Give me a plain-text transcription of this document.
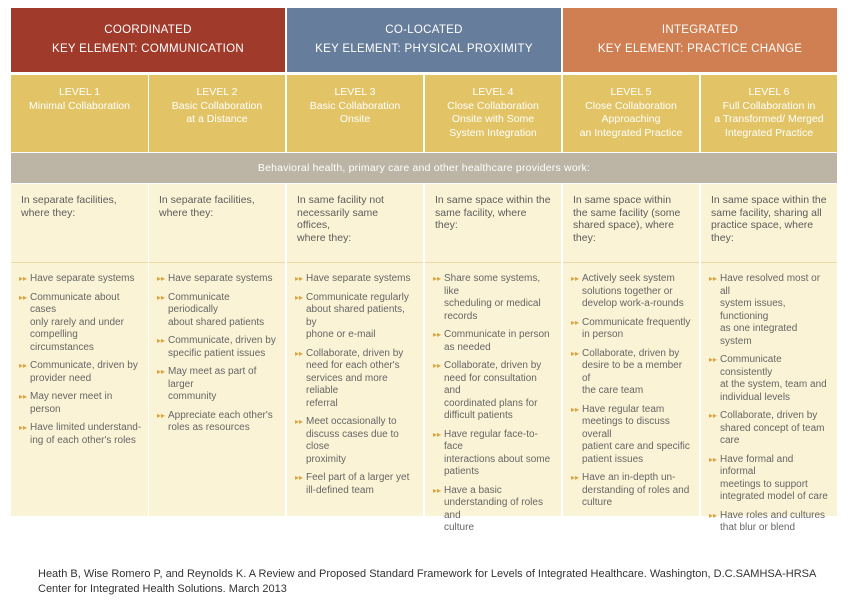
COORDINATED
KEY ELEMENT: COMMUNICATION
CO-LOCATED
KEY ELEMENT: PHYSICAL PROXIMITY
INTEGRATED
KEY ELEMENT: PRACTICE CHANGE
LEVEL 1
Minimal Collaboration
LEVEL 2
Basic Collaboration
at a Distance
LEVEL 3
Basic Collaboration
Onsite
LEVEL 4
Close Collaboration
Onsite with Some
System Integration
LEVEL 5
Close Collaboration
Approaching
an Integrated Practice
LEVEL 6
Full Collaboration in
a Transformed/ Merged
Integrated Practice
Behavioral health, primary care and other healthcare providers work:
In separate facilities,
where they:
▸▸ Have separate systems
▸▸ Communicate about cases
only rarely and under
compelling circumstances
▸▸ Communicate, driven by
provider need
▸▸ May never meet in person
▸▸ Have limited understand-
ing of each other's roles
In separate facilities,
where they:
▸▸ Have separate systems
▸▸ Communicate periodically
about shared patients
▸▸ Communicate, driven by
specific patient issues
▸▸ May meet as part of larger
community
▸▸ Appreciate each other's
roles as resources
In same facility not
necessarily same offices,
where they:
▸▸ Have separate systems
▸▸ Communicate regularly
about shared patients, by
phone or e-mail
▸▸ Collaborate, driven by
need for each other's
services and more reliable
referral
▸▸ Meet occasionally to
discuss cases due to close
proximity
▸▸ Feel part of a larger yet
ill-defined team
In same space within the
same facility, where they:
▸▸ Share some systems, like
scheduling or medical
records
▸▸ Communicate in person
as needed
▸▸ Collaborate, driven by
need for consultation and
coordinated plans for
difficult patients
▸▸ Have regular face-to-face
interactions about some
patients
▸▸ Have a basic
understanding of roles and
culture
In same space within
the same facility (some
shared space), where
they:
▸▸ Actively seek system
solutions together or
develop work-a-rounds
▸▸ Communicate frequently
in person
▸▸ Collaborate, driven by
desire to be a member of
the care team
▸▸ Have regular team
meetings to discuss overall
patient care and specific
patient issues
▸▸ Have an in-depth un-
derstanding of roles and
culture
In same space within the
same facility, sharing all
practice space, where
they:
▸▸ Have resolved most or all
system issues, functioning
as one integrated system
▸▸ Communicate consistently
at the system, team and
individual levels
▸▸ Collaborate, driven by
shared concept of team
care
▸▸ Have formal and informal
meetings to support
integrated model of care
▸▸ Have roles and cultures
that blur or blend
Heath B, Wise Romero P, and Reynolds K. A Review and Proposed Standard Framework for Levels of Integrated Healthcare. Washington, D.C.SAMHSA-HRSA
Center for Integrated Health Solutions. March 2013
